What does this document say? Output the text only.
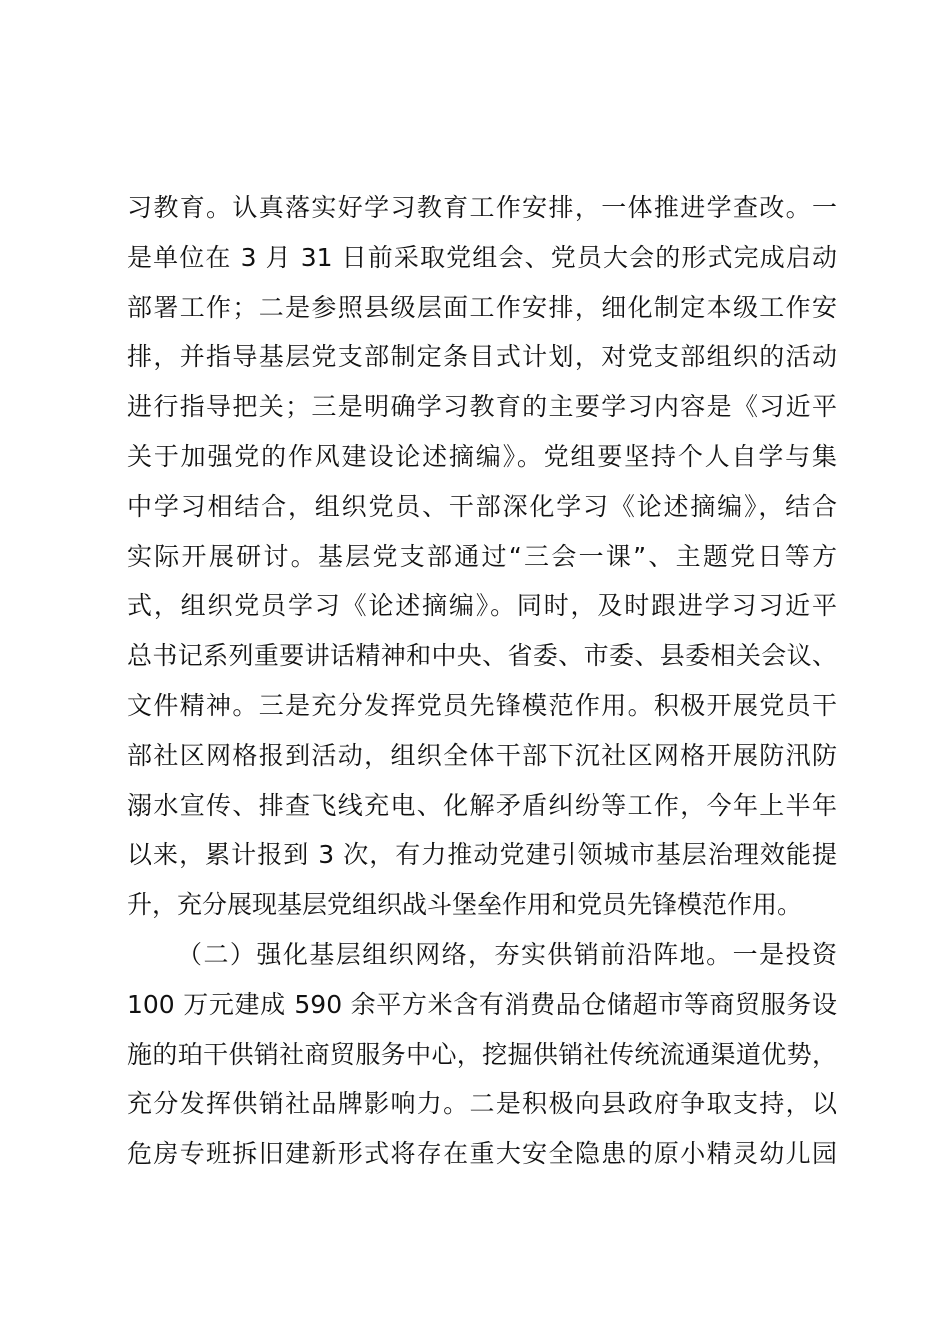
习教育。认真落实好学习教育工作安排，一体推进学查改。一
是单位在 3 月 31 日前采取党组会、党员大会的形式完成启动
部署工作；二是参照县级层面工作安排，细化制定本级工作安
排，并指导基层党支部制定条目式计划，对党支部组织的活动
进行指导把关；三是明确学习教育的主要学习内容是《习近平
关于加强党的作风建设论述摘编》。党组要坚持个人自学与集
中学习相结合，组织党员、干部深化学习《论述摘编》，结合
实际开展研讨。基层党支部通过“三会一课”、主题党日等方
式，组织党员学习《论述摘编》。同时，及时跟进学习习近平
总书记系列重要讲话精神和中央、省委、市委、县委相关会议、
文件精神。三是充分发挥党员先锋模范作用。积极开展党员干
部社区网格报到活动，组织全体干部下沉社区网格开展防汛防
溺水宣传、排查飞线充电、化解矛盾纠纷等工作，今年上半年
以来，累计报到 3 次，有力推动党建引领城市基层治理效能提
升，充分展现基层党组织战斗堡垒作用和党员先锋模范作用。
（二）强化基层组织网络，夯实供销前沿阵地。一是投资
100 万元建成 590 余平方米含有消费品仓储超市等商贸服务设
施的珀干供销社商贸服务中心，挖掘供销社传统流通渠道优势，
充分发挥供销社品牌影响力。二是积极向县政府争取支持，以
危房专班拆旧建新形式将存在重大安全隐患的原小精灵幼儿园
